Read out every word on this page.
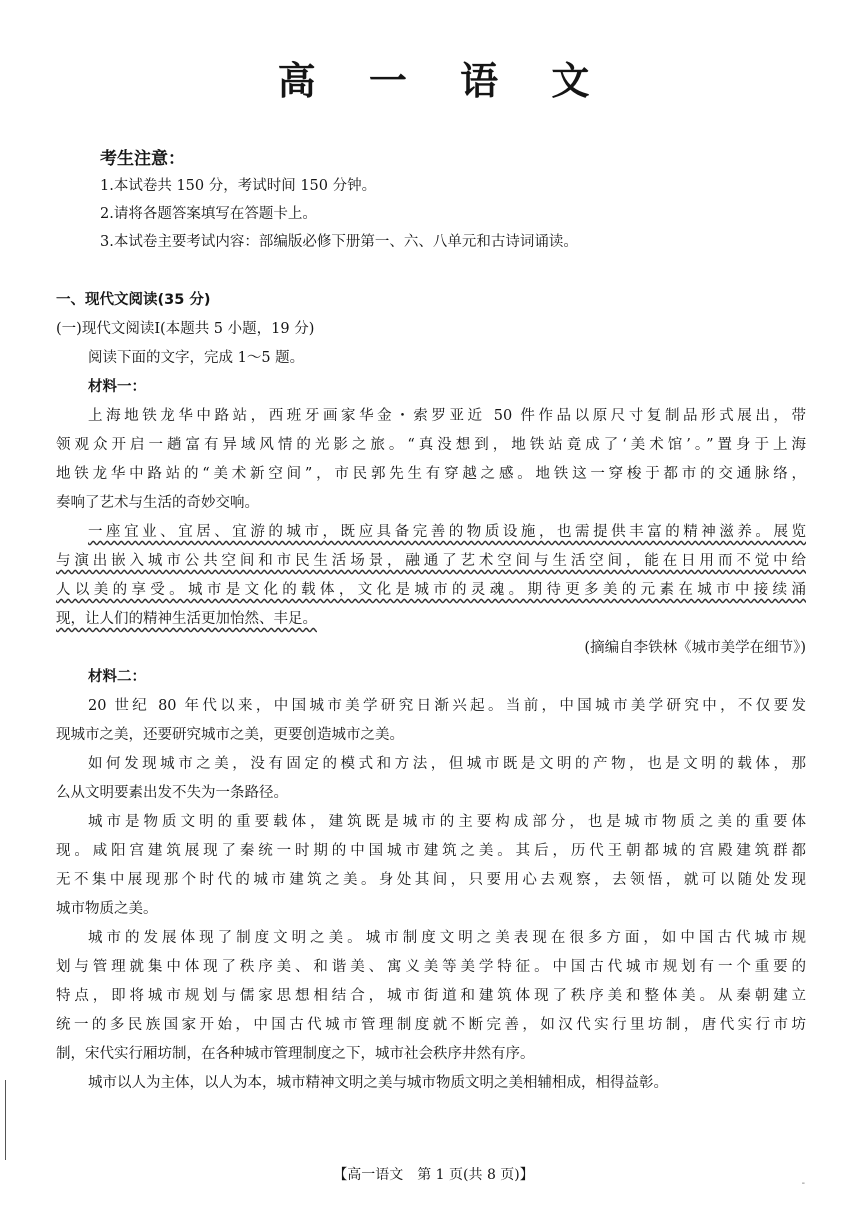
高 一 语 文
考生注意：
1.本试卷共 150 分，考试时间 150 分钟。
2.请将各题答案填写在答题卡上。
3.本试卷主要考试内容：部编版必修下册第一、六、八单元和古诗词诵读。
一、现代文阅读(35 分)
(一)现代文阅读Ⅰ(本题共 5 小题，19 分)
阅读下面的文字，完成 1～5 题。
材料一：
上海地铁龙华中路站，西班牙画家华金・索罗亚近 50 件作品以原尺寸复制品形式展出，带
领观众开启一趟富有异域风情的光影之旅。“真没想到，地铁站竟成了‘美术馆’。”置身于上海
地铁龙华中路站的“美术新空间”，市民郭先生有穿越之感。地铁这一穿梭于都市的交通脉络，
奏响了艺术与生活的奇妙交响。
一座宜业、宜居、宜游的城市，既应具备完善的物质设施，也需提供丰富的精神滋养。展览
与演出嵌入城市公共空间和市民生活场景，融通了艺术空间与生活空间，能在日用而不觉中给
人以美的享受。城市是文化的载体，文化是城市的灵魂。期待更多美的元素在城市中接续涌
现，让人们的精神生活更加怡然、丰足。
(摘编自李铁林《城市美学在细节》)
材料二：
20 世纪 80 年代以来，中国城市美学研究日渐兴起。当前，中国城市美学研究中，不仅要发
现城市之美，还要研究城市之美，更要创造城市之美。
如何发现城市之美，没有固定的模式和方法，但城市既是文明的产物，也是文明的载体，那
么从文明要素出发不失为一条路径。
城市是物质文明的重要载体，建筑既是城市的主要构成部分，也是城市物质之美的重要体
现。咸阳宫建筑展现了秦统一时期的中国城市建筑之美。其后，历代王朝都城的宫殿建筑群都
无不集中展现那个时代的城市建筑之美。身处其间，只要用心去观察，去领悟，就可以随处发现
城市物质之美。
城市的发展体现了制度文明之美。城市制度文明之美表现在很多方面，如中国古代城市规
划与管理就集中体现了秩序美、和谐美、寓义美等美学特征。中国古代城市规划有一个重要的
特点，即将城市规划与儒家思想相结合，城市街道和建筑体现了秩序美和整体美。从秦朝建立
统一的多民族国家开始，中国古代城市管理制度就不断完善，如汉代实行里坊制，唐代实行市坊
制，宋代实行厢坊制，在各种城市管理制度之下，城市社会秩序井然有序。
城市以人为主体，以人为本，城市精神文明之美与城市物质文明之美相辅相成，相得益彰。
【高一语文　第 1 页(共 8 页)】
-
